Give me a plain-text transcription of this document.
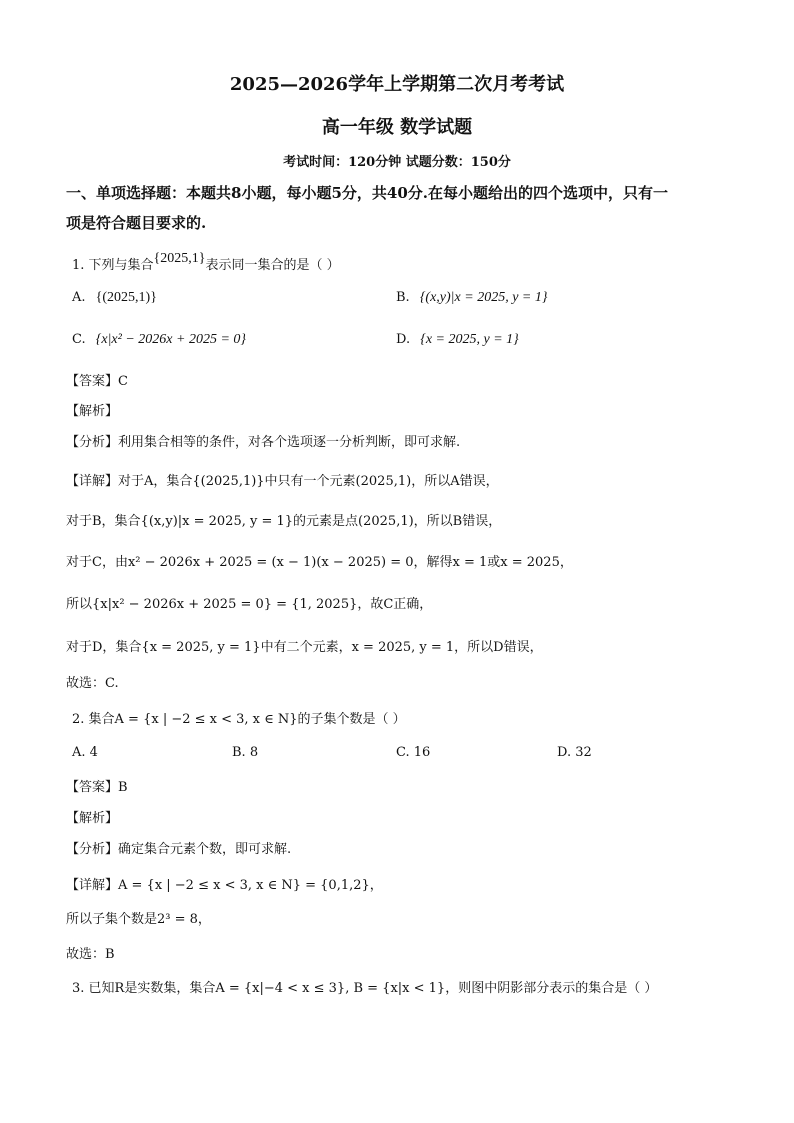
2025—2026学年上学期第二次月考考试
高一年级 数学试题
考试时间：120分钟 试题分数：150分
一、单项选择题：本题共8小题，每小题5分，共40分.在每小题给出的四个选项中，只有一
项是符合题目要求的.
1. 下列与集合{2025,1}表示同一集合的是（ ）
A. {(2025,1)}	B. {(x,y)|x = 2025, y = 1}
C. {x|x² − 2026x + 2025 = 0}	D. {x = 2025, y = 1}
【答案】C
【解析】
【分析】利用集合相等的条件，对各个选项逐一分析判断，即可求解.
【详解】对于A，集合{(2025,1)}中只有一个元素(2025,1)，所以A错误，
对于B，集合{(x,y)|x = 2025, y = 1}的元素是点(2025,1)，所以B错误，
对于C，由x² − 2026x + 2025 = (x − 1)(x − 2025) = 0，解得x = 1或x = 2025，
所以{x|x² − 2026x + 2025 = 0} = {1, 2025}，故C正确，
对于D，集合{x = 2025, y = 1}中有二个元素，x = 2025, y = 1，所以D错误，
故选：C.
2. 集合A = {x | −2 ≤ x < 3, x ∈ N}的子集个数是（ ）
A. 4	B. 8	C. 16	D. 32
【答案】B
【解析】
【分析】确定集合元素个数，即可求解.
【详解】A = {x | −2 ≤ x < 3, x ∈ N} = {0,1,2}，
所以子集个数是2³ = 8，
故选：B
3. 已知R是实数集，集合A = {x|−4 < x ≤ 3}, B = {x|x < 1}，则图中阴影部分表示的集合是（ ）
